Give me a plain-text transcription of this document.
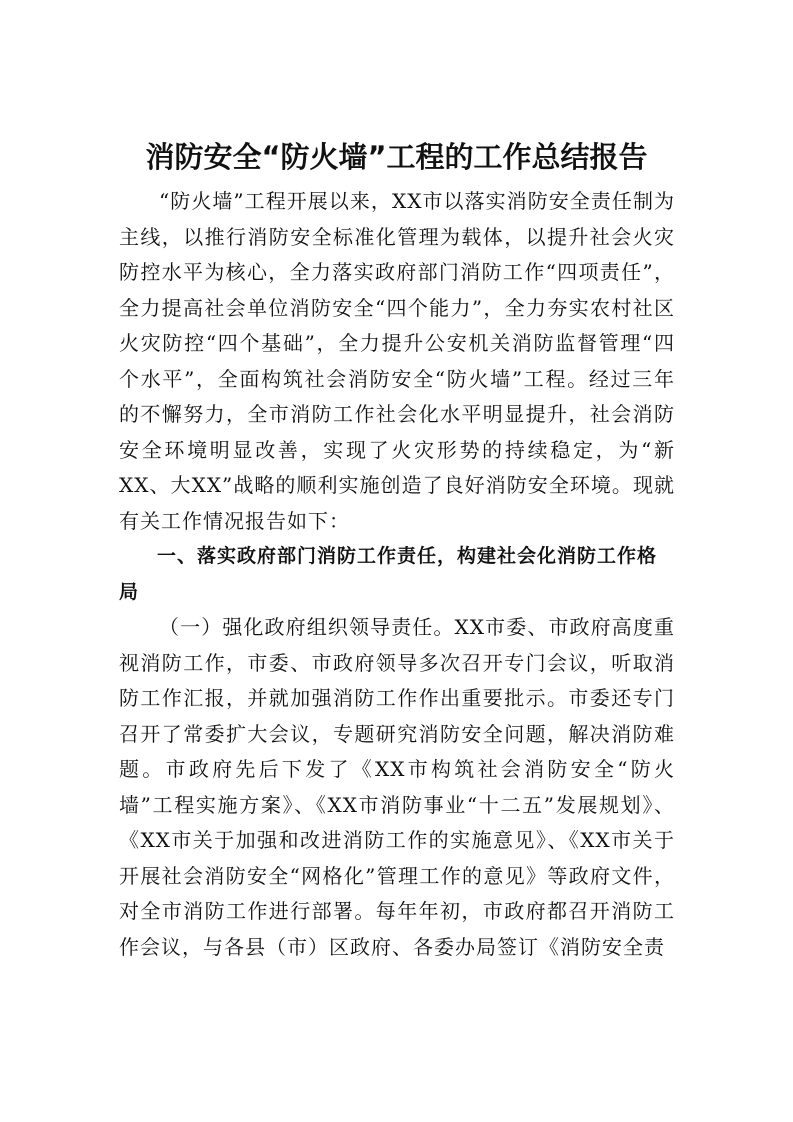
消防安全“防火墙”工程的工作总结报告

“防火墙”工程开展以来，XX市以落实消防安全责任制为主线，以推行消防安全标准化管理为载体，以提升社会火灾防控水平为核心，全力落实政府部门消防工作“四项责任”，全力提高社会单位消防安全“四个能力”，全力夯实农村社区火灾防控“四个基础”，全力提升公安机关消防监督管理“四个水平”，全面构筑社会消防安全“防火墙”工程。经过三年的不懈努力，全市消防工作社会化水平明显提升，社会消防安全环境明显改善，实现了火灾形势的持续稳定，为“新XX、大XX”战略的顺利实施创造了良好消防安全环境。现就有关工作情况报告如下：

一、落实政府部门消防工作责任，构建社会化消防工作格局

（一）强化政府组织领导责任。XX市委、市政府高度重视消防工作，市委、市政府领导多次召开专门会议，听取消防工作汇报，并就加强消防工作作出重要批示。市委还专门召开了常委扩大会议，专题研究消防安全问题，解决消防难题。市政府先后下发了《XX市构筑社会消防安全“防火墙”工程实施方案》、《XX市消防事业“十二五”发展规划》、《XX市关于加强和改进消防工作的实施意见》、《XX市关于开展社会消防安全“网格化”管理工作的意见》等政府文件，对全市消防工作进行部署。每年年初，市政府都召开消防工作会议，与各县（市）区政府、各委办局签订《消防安全责
